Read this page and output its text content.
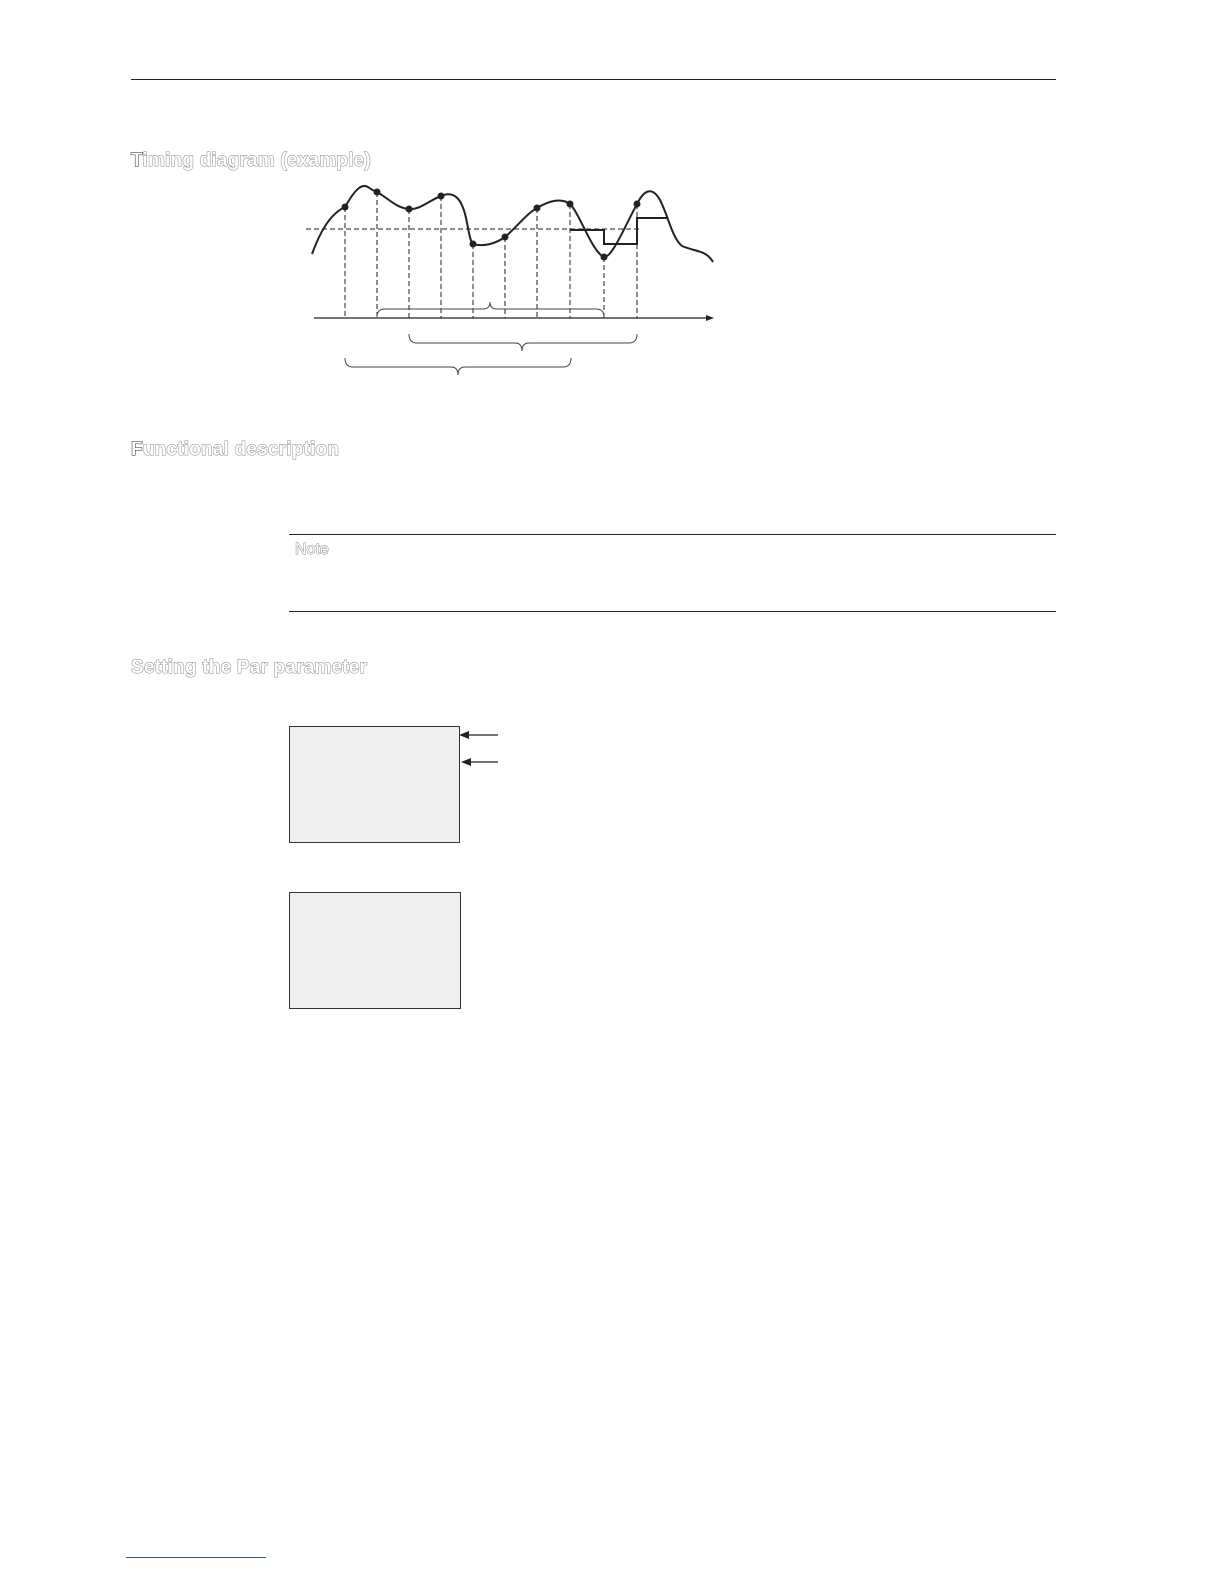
Timing diagram (example)
Functional description
Note
Setting the Par parameter
